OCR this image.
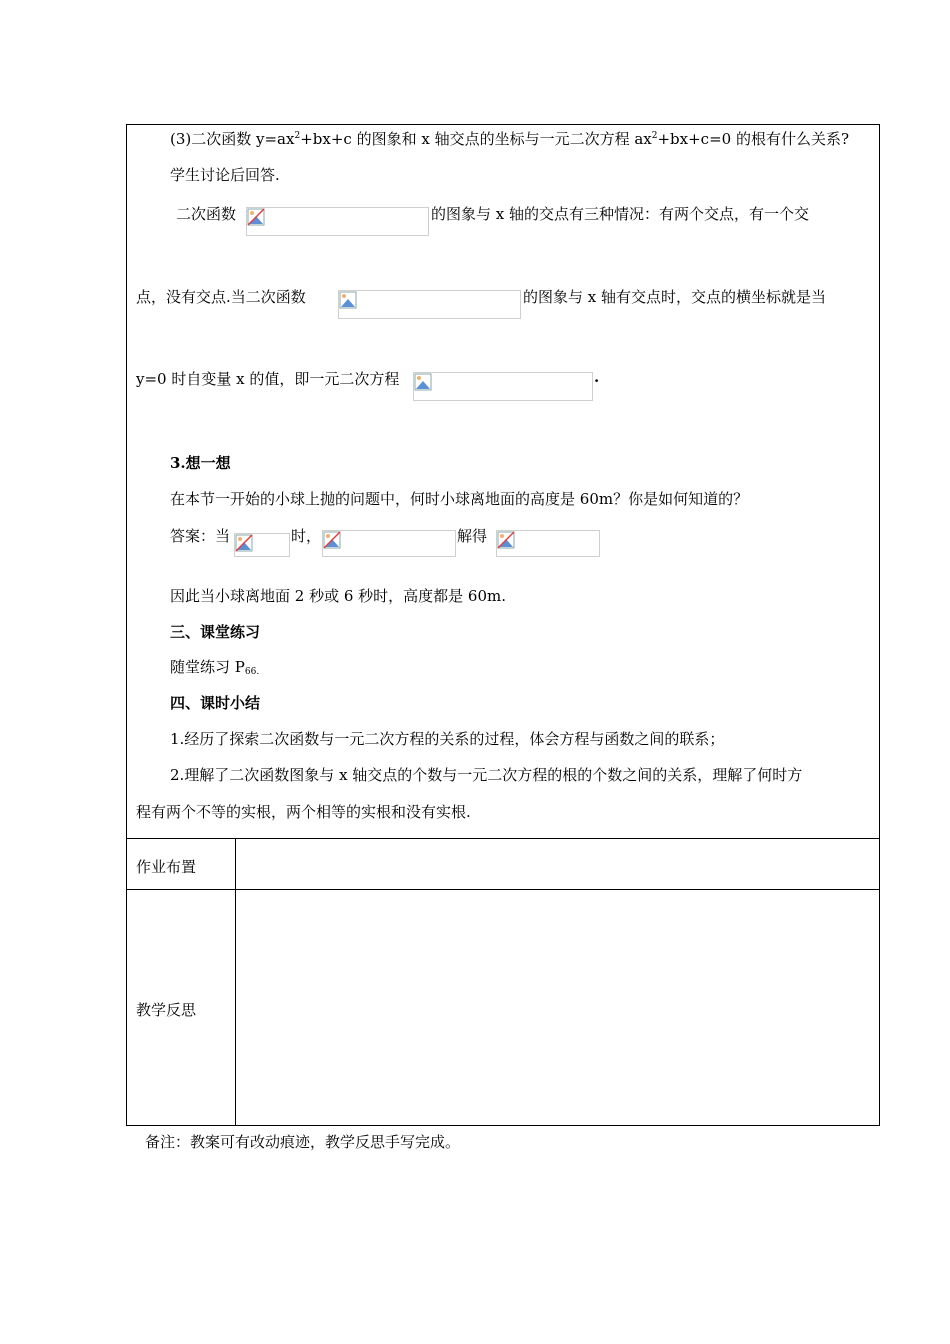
(3)二次函数 $y=ax^2+bx+c$ 的图象和 x 轴交点的坐标与一元二次方程 $ax^2+bx+c=0$ 的根有什么关系?
学生讨论后回答.
二次函数	的图象与 x 轴的交点有三种情况：有两个交点，有一个交
点，没有交点.当二次函数	的图象与 x 轴有交点时，交点的横坐标就是当
y=0 时自变量 x 的值，即一元二次方程	.
3.想一想
在本节一开始的小球上抛的问题中，何时小球离地面的高度是 60m？你是如何知道的？
答案：当	时，	解得
因此当小球离地面 2 秒或 6 秒时，高度都是 60m.
三、课堂练习
随堂练习 $P_{66.}$
四、课时小结
1.经历了探索二次函数与一元二次方程的关系的过程，体会方程与函数之间的联系；
2.理解了二次函数图象与 x 轴交点的个数与一元二次方程的根的个数之间的关系，理解了何时方
程有两个不等的实根，两个相等的实根和没有实根.
作业布置
教学反思
备注：教案可有改动痕迹，教学反思手写完成。
